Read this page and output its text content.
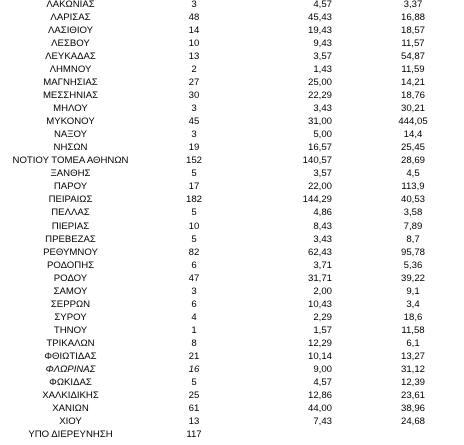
ΛΑΚΩΝΙΑΣ	3	4,57	3,37
ΛΑΡΙΣΑΣ	48	45,43	16,88
ΛΑΣΙΘΙΟΥ	14	19,43	18,57
ΛΕΣΒΟΥ	10	9,43	11,57
ΛΕΥΚΑΔΑΣ	13	3,57	54,87
ΛΗΜΝΟΥ	2	1,43	11,59
ΜΑΓΝΗΣΙΑΣ	27	25,00	14,21
ΜΕΣΣΗΝΙΑΣ	30	22,29	18,76
ΜΗΛΟΥ	3	3,43	30,21
ΜΥΚΟΝΟΥ	45	31,00	444,05
ΝΑΞΟΥ	3	5,00	14,4
ΝΗΣΩΝ	19	16,57	25,45
ΝΟΤΙΟΥ ΤΟΜΕΑ ΑΘΗΝΩΝ	152	140,57	28,69
ΞΑΝΘΗΣ	5	3,57	4,5
ΠΑΡΟΥ	17	22,00	113,9
ΠΕΙΡΑΙΩΣ	182	144,29	40,53
ΠΕΛΛΑΣ	5	4,86	3,58
ΠΙΕΡΙΑΣ	10	8,43	7,89
ΠΡΕΒΕΖΑΣ	5	3,43	8,7
ΡΕΘΥΜΝΟΥ	82	62,43	95,78
ΡΟΔΟΠΗΣ	6	3,71	5,36
ΡΟΔΟΥ	47	31,71	39,22
ΣΑΜΟΥ	3	2,00	9,1
ΣΕΡΡΩΝ	6	10,43	3,4
ΣΥΡΟΥ	4	2,29	18,6
ΤΗΝΟΥ	1	1,57	11,58
ΤΡΙΚΑΛΩΝ	8	12,29	6,1
ΦΘΙΩΤΙΔΑΣ	21	10,14	13,27
ΦΛΩΡΙΝΑΣ	16	9,00	31,12
ΦΩΚΙΔΑΣ	5	4,57	12,39
ΧΑΛΚΙΔΙΚΗΣ	25	12,86	23,61
ΧΑΝΙΩΝ	61	44,00	38,96
ΧΙΟΥ	13	7,43	24,68
ΥΠΟ ΔΙΕΡΕΥΝΗΣΗ	117
